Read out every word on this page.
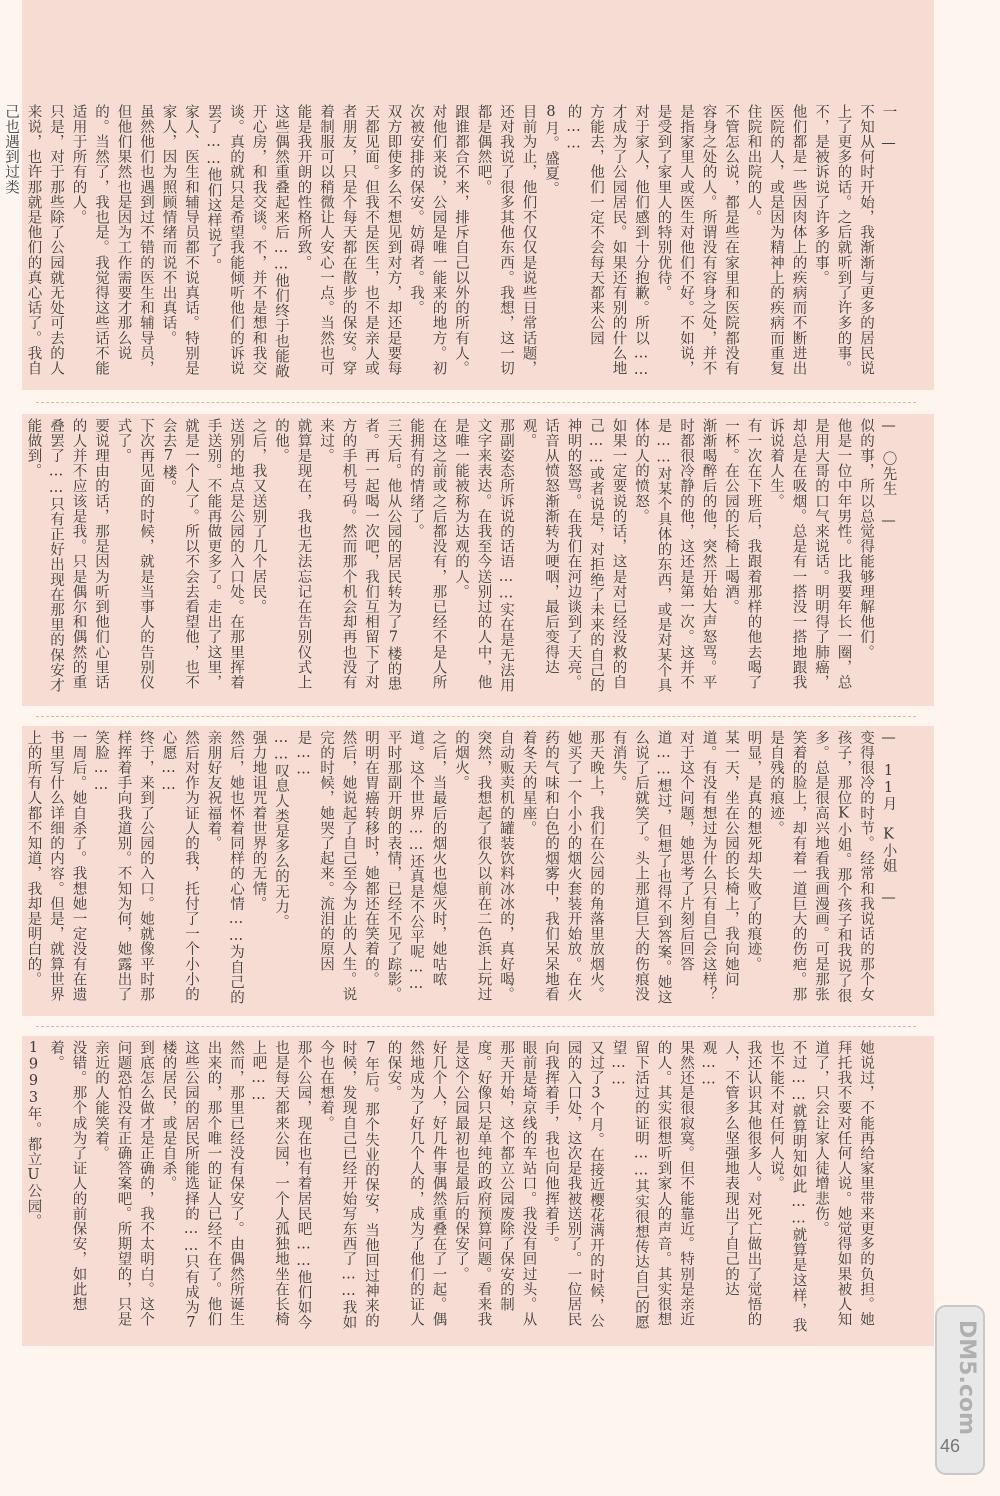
一 —
不知从何时开始，我渐渐与更多的居民说上了更多的话。之后就听到了许多的事。不，是被诉说了许多的事。
他们都是一些因肉体上的疾病而不断进出医院的人，或是因为精神上的疾病而重复住院和出院的人。
不管怎么说，都是些在家里和医院都没有容身之处的人。所谓没有容身之处，并不是指家里人或医生对他们不好。不如说，是受到了家里人的特别优待。
对于家人，他们感到十分抱歉。所以……才成为了公园居民。如果还有别的什么地方能去，他们一定不会每天都来公园的……
8月。盛夏。
目前为止，他们不仅仅是说些日常话题，还对我说了很多其他东西。我想，这一切都是偶然吧。
跟谁都合不来，排斥自己以外的所有人。对他们来说，公园是唯一能来的地方。初次被安排的保安。妨碍者。我。
双方即使多么不想见到对方，却还是要每天都见面。但我不是医生，也不是亲人或者朋友，只是个每天都在散步的保安。穿着制服可以稍微让人安心一点。当然也可能是我开朗的性格所致。
这些偶然重叠起来后……他们终于也能敞开心房，和我交谈。不，并不是想和我交谈。真的就只是希望我能倾听他们的诉说罢了……他们这样说了。
家人、医生和辅导员都不说真话。特别是家人，因为照顾情绪而说不出真话。
虽然他们也遇到过不错的医生和辅导员，但他们果然也是因为工作需要才那么说的。当然了，我也是。我觉得这些话不能适用于所有的人。
只是，对于那些除了公园就无处可去的人来说，也许那就是他们的真心话了。我自己也遇到过类

— 〇先生 —
似的事，所以总觉得能够理解他们。
他是一位中年男性。比我要年长一圈，总是用大哥的口气来说话。明明得了肺癌，却总是在吸烟。总是有一搭没一搭地跟我诉说着人生。
有一次在下班后，我跟着那样的他去喝了一杯。在公园的长椅上喝酒。
渐渐喝醉后的他，突然开始大声怒骂。平时都很冷静的他，这还是第一次。这并不是……对某个具体的东西，或是对某个具体的人的愤怒。
如果一定要说的话，这是对已经没救的自己……或者说是，对拒绝了未来的自己的神明的怒骂。在我们在河边谈到了天亮。
话音从愤怒渐渐转为哽咽，最后变得达观。
那副姿态所诉说的话语……实在是无法用文字来表达。在我至今送别过的人中，他是唯一能被称为达观的人。
在这之前或之后都没有，那已经不是人所能拥有的情绪了。
三天后。他从公园的居民转为了7楼的患者。再一起喝一次吧，我们互相留下了对方的手机号码。然而那个机会却再也没有来过。
就算是现在，我也无法忘记在告别仪式上的他。
之后，我又送别了几个居民。
送别的地点是公园的入口处。在那里挥着手送别。不能再做更多了。走出了这里，就是一个人了。所以不会去看望他，也不会去7楼。
下次再见面的时候，就是当事人的告别仪式了。
要说理由的话，那是因为听到他们心里话的人并不应该是我。只是偶尔和偶然的重叠罢了……只有正好出现在那里的保安才能做到。

— 11月　K小姐 —
变得很冷的时节。经常和我说话的那个女孩子，那位K小姐。那个孩子和我说了很多。总是很高兴地看我画漫画。可是那张笑着的脸上，却有着一道巨大的伤疤。那是自残的痕迹。
明显，是真的想死却失败了的痕迹。
某一天，坐在公园的长椅上，我向她问道。有没有想过为什么只有自己会这样？
对于这个问题，她思考了片刻后回答道……想过，但想了也得不到答案。她这么说了后就笑了。头上那道巨大的伤痕没有消失。
那天晚上，我们在公园的角落里放烟火。她买了一个小小的烟火套装开始放。在火药的气味和白色的烟雾中，我们呆呆地看着冬天的星座。
自动贩卖机的罐装饮料冰冰的，真好喝。突然，我想起了很久以前在二色浜上玩过的烟火。
之后，当最后的烟火也熄灭时，她咕哝道。这个世界……还真是不公平呢……
平时那副开朗的表情，已经不见了踪影。明明在胃癌转移时，她都还在笑着的。
然后，她说起了自己至今为止的人生。说完的时候，她哭了起来。流泪的原因是……
……叹息人类是多么的无力。
强力地诅咒着世界的无情。
然后，她也怀着同样的心情……为自己的亲朋好友祝福着。
然后对作为证人的我，托付了一个小小的心愿……
终于，来到了公园的入口。她就像平时那样挥着手向我道别。不知为何，她露出了笑脸……
一周后。她自杀了。我想她一定没有在遗书里写什么详细的内容。但是，就算世界上的所有人都不知道，我却是明白的。

她说过，不能再给家里带来更多的负担。她拜托我不要对任何人说。她觉得如果被人知道了，只会让家人徒增悲伤。
不过……就算明知如此……就算是这样，我也不能不对任何人说。
我还认识其他很多人。对死亡做出了觉悟的人，不管多么坚强地表现出了自己的达观……
果然还是很寂寞。但不能靠近。特别是亲近的人。其实很想听到家人的声音。其实很想留下活过的证明……其实很想传达自己的愿望……
又过了3个月。在接近樱花满开的时候，公园的入口处，这次是我被送别了。一位居民向我挥着手，我也向他挥着手。
眼前是埼京线的车站口。我没有回过头。从那天开始，这个都立公园废除了保安的制度。好像只是单纯的政府预算问题。看来我是这个公园最初也是最后的保安了。
好几个人，好几件事偶然重叠在了一起。偶然地成为了好几个人的，成为了他们的证人的保安。
7年后。那个失业的保安，当他回过神来的时候，发现自己已经开始写东西了……我如今也在想着。
那个公园，现在也有着居民吧……他们如今也是每天都来公园，一个人孤独地坐在长椅上吧……
然而，那里已经没有保安了。由偶然所诞生出来的，那个唯一的证人已经不在了。他们这些公园的居民所能选择的……只有成为7楼的居民，或是自杀。
到底怎么做才是正确的，我不太明白。这个问题恐怕没有正确答案吧。所期望的，只是亲近的人能笑着。
没错。那个成为了证人的前保安，如此想着。
1993年。都立U公园。

DM5.com
46
